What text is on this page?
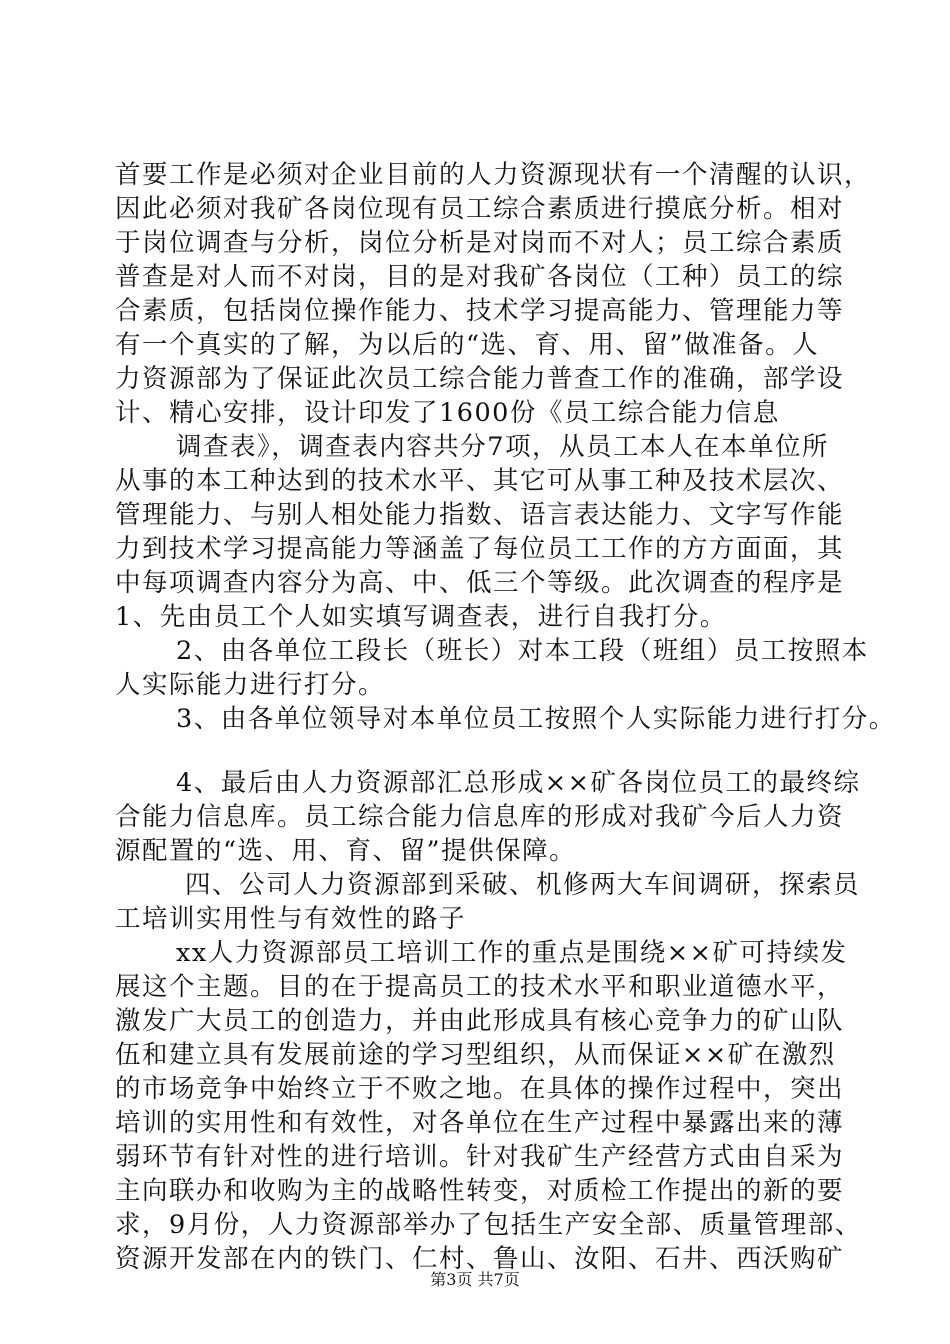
首要工作是必须对企业目前的人力资源现状有一个清醒的认识，
因此必须对我矿各岗位现有员工综合素质进行摸底分析。相对
于岗位调查与分析，岗位分析是对岗而不对人；员工综合素质
普查是对人而不对岗，目的是对我矿各岗位（工种）员工的综
合素质，包括岗位操作能力、技术学习提高能力、管理能力等
有一个真实的了解，为以后的“选、育、用、留”做准备。人
力资源部为了保证此次员工综合能力普查工作的准确，部学设
计、精心安排，设计印发了1600份《员工综合能力信息
调查表》，调查表内容共分7项，从员工本人在本单位所
从事的本工种达到的技术水平、其它可从事工种及技术层次、
管理能力、与别人相处能力指数、语言表达能力、文字写作能
力到技术学习提高能力等涵盖了每位员工工作的方方面面，其
中每项调查内容分为高、中、低三个等级。此次调查的程序是
1、先由员工个人如实填写调查表，进行自我打分。
2、由各单位工段长（班长）对本工段（班组）员工按照本
人实际能力进行打分。
3、由各单位领导对本单位员工按照个人实际能力进行打分。
4、最后由人力资源部汇总形成××矿各岗位员工的最终综
合能力信息库。员工综合能力信息库的形成对我矿今后人力资
源配置的“选、用、育、留”提供保障。
四、公司人力资源部到采破、机修两大车间调研，探索员
工培训实用性与有效性的路子
xx人力资源部员工培训工作的重点是围绕××矿可持续发
展这个主题。目的在于提高员工的技术水平和职业道德水平，
激发广大员工的创造力，并由此形成具有核心竞争力的矿山队
伍和建立具有发展前途的学习型组织，从而保证××矿在激烈
的市场竞争中始终立于不败之地。在具体的操作过程中，突出
培训的实用性和有效性，对各单位在生产过程中暴露出来的薄
弱环节有针对性的进行培训。针对我矿生产经营方式由自采为
主向联办和收购为主的战略性转变，对质检工作提出的新的要
求，9月份，人力资源部举办了包括生产安全部、质量管理部、
资源开发部在内的铁门、仁村、鲁山、汝阳、石井、西沃购矿
第3页 共7页
